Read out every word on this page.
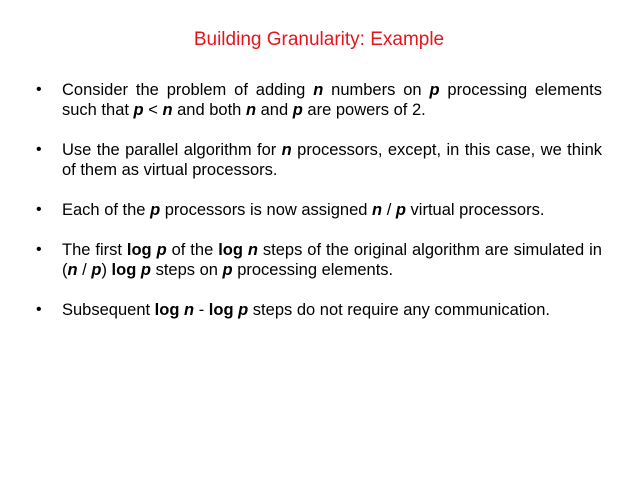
Building Granularity: Example
• Consider the problem of adding n numbers on p processing elements such that p < n and both n and p are powers of 2.
• Use the parallel algorithm for n processors, except, in this case, we think of them as virtual processors.
• Each of the p processors is now assigned n / p virtual processors.
• The first log p of the log n steps of the original algorithm are simulated in (n / p) log p steps on p processing elements.
• Subsequent log n - log p steps do not require any communication.
